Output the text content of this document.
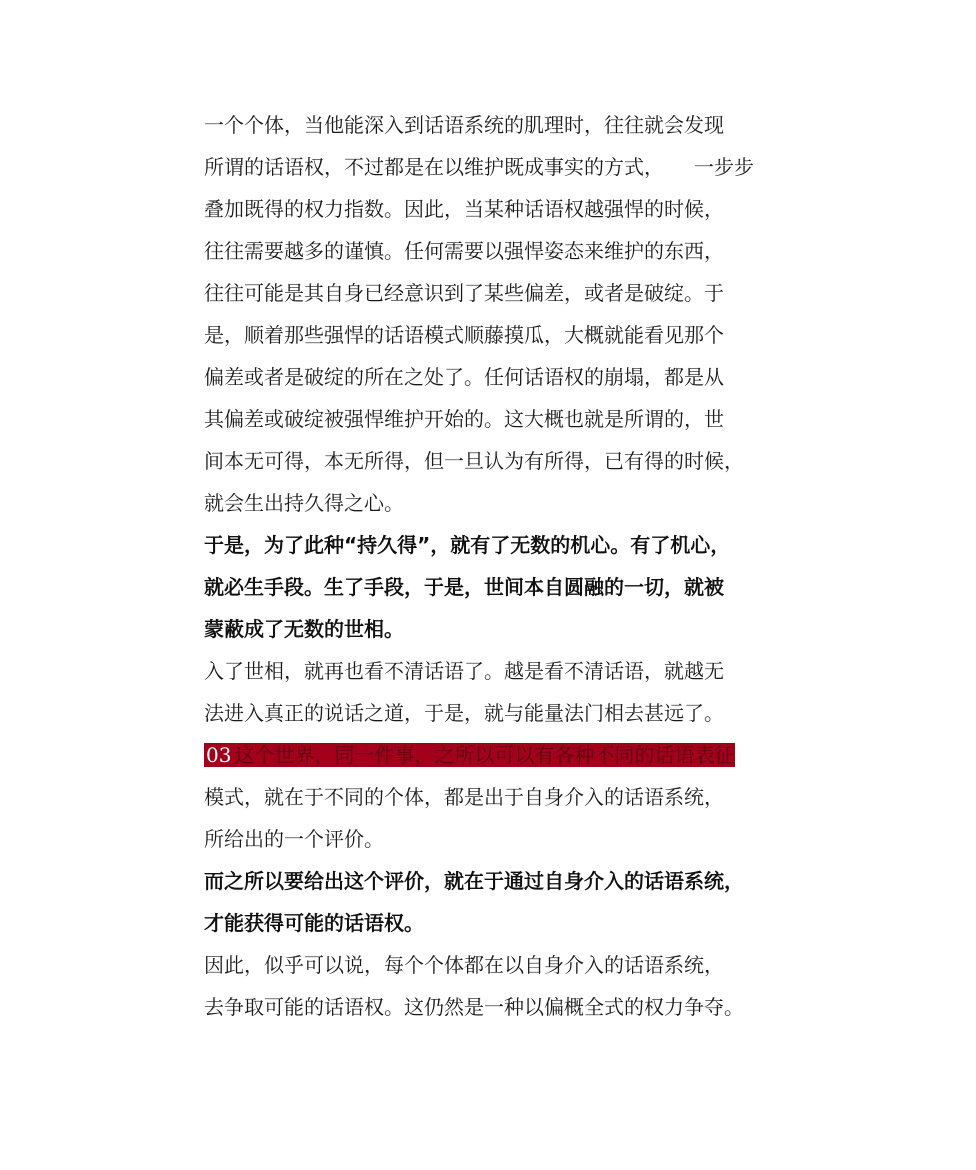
一个个体，当他能深入到话语系统的肌理时，往往就会发现
所谓的话语权，不过都是在以维护既成事实的方式， 一步步
叠加既得的权力指数。因此，当某种话语权越强悍的时候，
往往需要越多的谨慎。任何需要以强悍姿态来维护的东西，
往往可能是其自身已经意识到了某些偏差，或者是破绽。于
是，顺着那些强悍的话语模式顺藤摸瓜，大概就能看见那个
偏差或者是破绽的所在之处了。任何话语权的崩塌，都是从
其偏差或破绽被强悍维护开始的。这大概也就是所谓的，世
间本无可得，本无所得，但一旦认为有所得，已有得的时候，
就会生出持久得之心。
于是，为了此种“持久得”，就有了无数的机心。有了机心，
就必生手段。生了手段，于是，世间本自圆融的一切，就被
蒙蔽成了无数的世相。
入了世相，就再也看不清话语了。越是看不清话语，就越无
法进入真正的说话之道，于是，就与能量法门相去甚远了。
03 这个世界，同一件事，之所以可以有各种不同的话语表征
模式，就在于不同的个体，都是出于自身介入的话语系统，
所给出的一个评价。
而之所以要给出这个评价，就在于通过自身介入的话语系统，
才能获得可能的话语权。
因此，似乎可以说，每个个体都在以自身介入的话语系统，
去争取可能的话语权。这仍然是一种以偏概全式的权力争夺。
